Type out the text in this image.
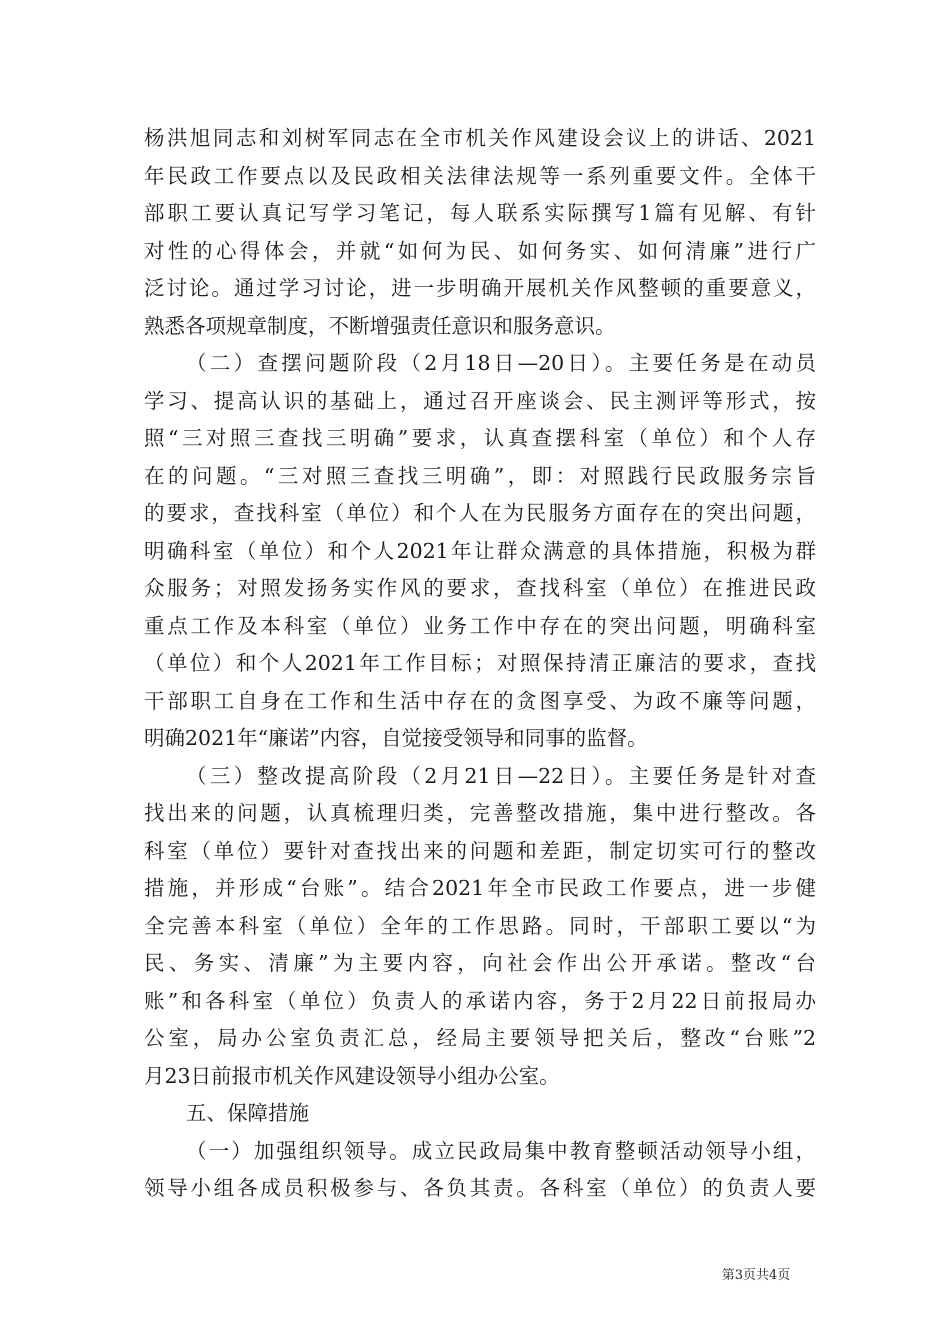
杨洪旭同志和刘树军同志在全市机关作风建设会议上的讲话、2021
年民政工作要点以及民政相关法律法规等一系列重要文件。全体干
部职工要认真记写学习笔记，每人联系实际撰写1篇有见解、有针
对性的心得体会，并就“如何为民、如何务实、如何清廉”进行广
泛讨论。通过学习讨论，进一步明确开展机关作风整顿的重要意义，
熟悉各项规章制度，不断增强责任意识和服务意识。
（二）查摆问题阶段（2月18日—20日）。主要任务是在动员
学习、提高认识的基础上，通过召开座谈会、民主测评等形式，按
照“三对照三查找三明确”要求，认真查摆科室（单位）和个人存
在的问题。“三对照三查找三明确”，即：对照践行民政服务宗旨
的要求，查找科室（单位）和个人在为民服务方面存在的突出问题，
明确科室（单位）和个人2021年让群众满意的具体措施，积极为群
众服务；对照发扬务实作风的要求，查找科室（单位）在推进民政
重点工作及本科室（单位）业务工作中存在的突出问题，明确科室
（单位）和个人2021年工作目标；对照保持清正廉洁的要求，查找
干部职工自身在工作和生活中存在的贪图享受、为政不廉等问题，
明确2021年“廉诺”内容，自觉接受领导和同事的监督。
（三）整改提高阶段（2月21日—22日）。主要任务是针对查
找出来的问题，认真梳理归类，完善整改措施，集中进行整改。各
科室（单位）要针对查找出来的问题和差距，制定切实可行的整改
措施，并形成“台账”。结合2021年全市民政工作要点，进一步健
全完善本科室（单位）全年的工作思路。同时，干部职工要以“为
民、务实、清廉”为主要内容，向社会作出公开承诺。整改“台
账”和各科室（单位）负责人的承诺内容，务于2月22日前报局办
公室，局办公室负责汇总，经局主要领导把关后，整改“台账”2
月23日前报市机关作风建设领导小组办公室。
五、保障措施
（一）加强组织领导。成立民政局集中教育整顿活动领导小组，
领导小组各成员积极参与、各负其责。各科室（单位）的负责人要
第3页共4页
